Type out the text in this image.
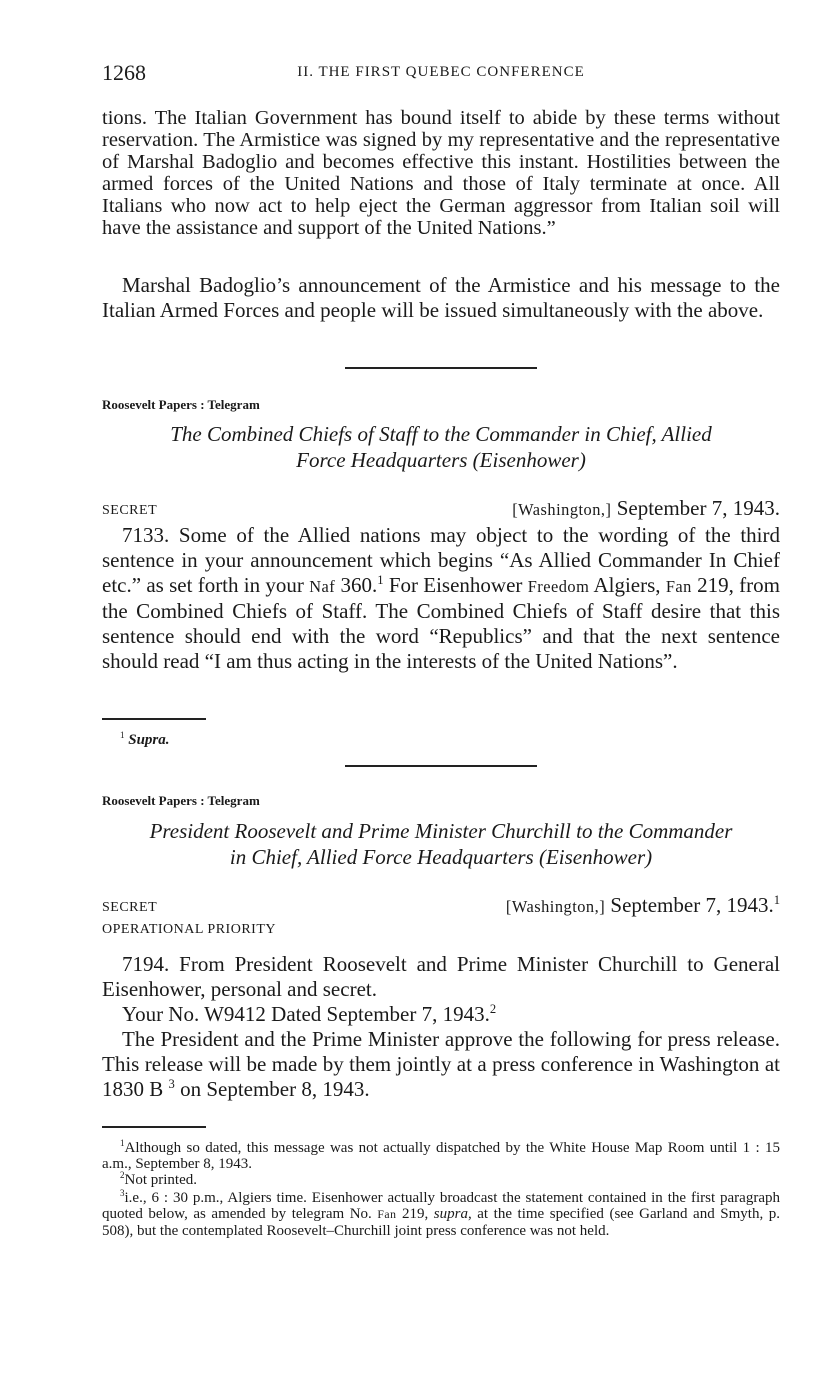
1268	II. THE FIRST QUEBEC CONFERENCE

tions. The Italian Government has bound itself to abide by these terms without reservation. The Armistice was signed by my representative and the representative of Marshal Badoglio and becomes effective this instant. Hostilities between the armed forces of the United Nations and those of Italy terminate at once. All Italians who now act to help eject the German aggressor from Italian soil will have the assistance and support of the United Nations.”

Marshal Badoglio’s announcement of the Armistice and his message to the Italian Armed Forces and people will be issued simultaneously with the above.

Roosevelt Papers : Telegram
The Combined Chiefs of Staff to the Commander in Chief, Allied
Force Headquarters (Eisenhower)
SECRET	[Washington,] September 7, 1943.

7133. Some of the Allied nations may object to the wording of the third sentence in your announcement which begins “As Allied Commander In Chief etc.” as set forth in your Naf 360.$^1$ For Eisenhower Freedom Algiers, Fan 219, from the Combined Chiefs of Staff. The Combined Chiefs of Staff desire that this sentence should end with the word “Republics” and that the next sentence should read “I am thus acting in the interests of the United Nations”.

$^1$ Supra.
Roosevelt Papers : Telegram
President Roosevelt and Prime Minister Churchill to the Commander
in Chief, Allied Force Headquarters (Eisenhower)
SECRET	[Washington,] September 7, 1943.$^1$
OPERATIONAL PRIORITY

7194. From President Roosevelt and Prime Minister Churchill to General Eisenhower, personal and secret.

Your No. W9412 Dated September 7, 1943.$^2$

The President and the Prime Minister approve the following for press release. This release will be made by them jointly at a press conference in Washington at 1830 B $^3$ on September 8, 1943.

$^1$Although so dated, this message was not actually dispatched by the White House Map Room until 1 : 15 a.m., September 8, 1943.
$^2$Not printed.
$^3$i.e., 6 : 30 p.m., Algiers time. Eisenhower actually broadcast the statement contained in the first paragraph quoted below, as amended by telegram No. Fan 219, supra, at the time specified (see Garland and Smyth, p. 508), but the contemplated Roosevelt–Churchill joint press conference was not held.
